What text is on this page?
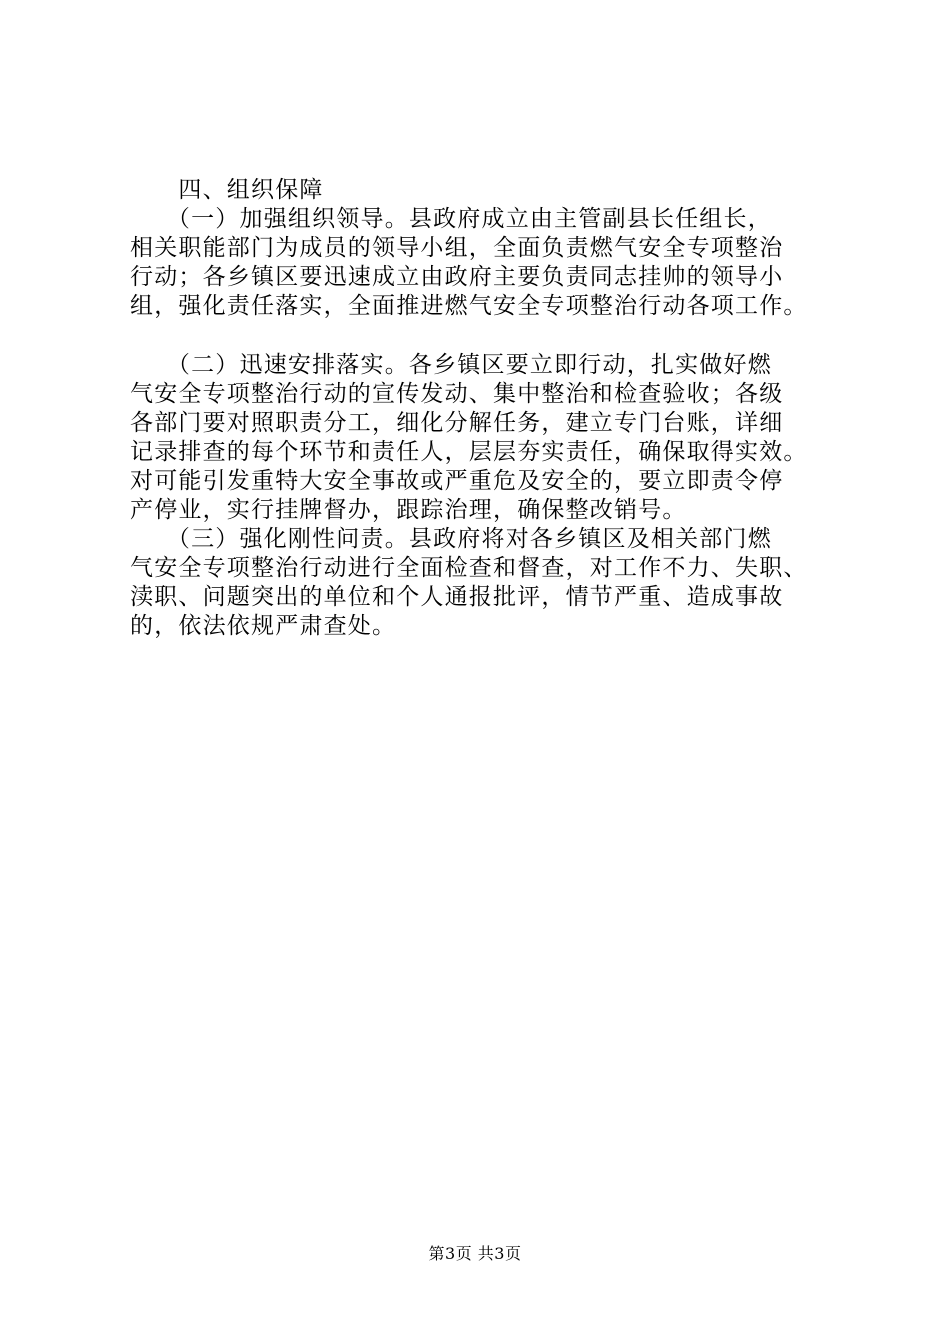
　　四、组织保障
　　（一）加强组织领导。县政府成立由主管副县长任组长，
相关职能部门为成员的领导小组，全面负责燃气安全专项整治
行动；各乡镇区要迅速成立由政府主要负责同志挂帅的领导小
组，强化责任落实，全面推进燃气安全专项整治行动各项工作。
　　（二）迅速安排落实。各乡镇区要立即行动，扎实做好燃
气安全专项整治行动的宣传发动、集中整治和检查验收；各级
各部门要对照职责分工，细化分解任务，建立专门台账，详细
记录排查的每个环节和责任人，层层夯实责任，确保取得实效。
对可能引发重特大安全事故或严重危及安全的，要立即责令停
产停业，实行挂牌督办，跟踪治理，确保整改销号。
　　（三）强化刚性问责。县政府将对各乡镇区及相关部门燃
气安全专项整治行动进行全面检查和督查，对工作不力、失职、
渎职、问题突出的单位和个人通报批评，情节严重、造成事故
的，依法依规严肃查处。
第3页 共3页
